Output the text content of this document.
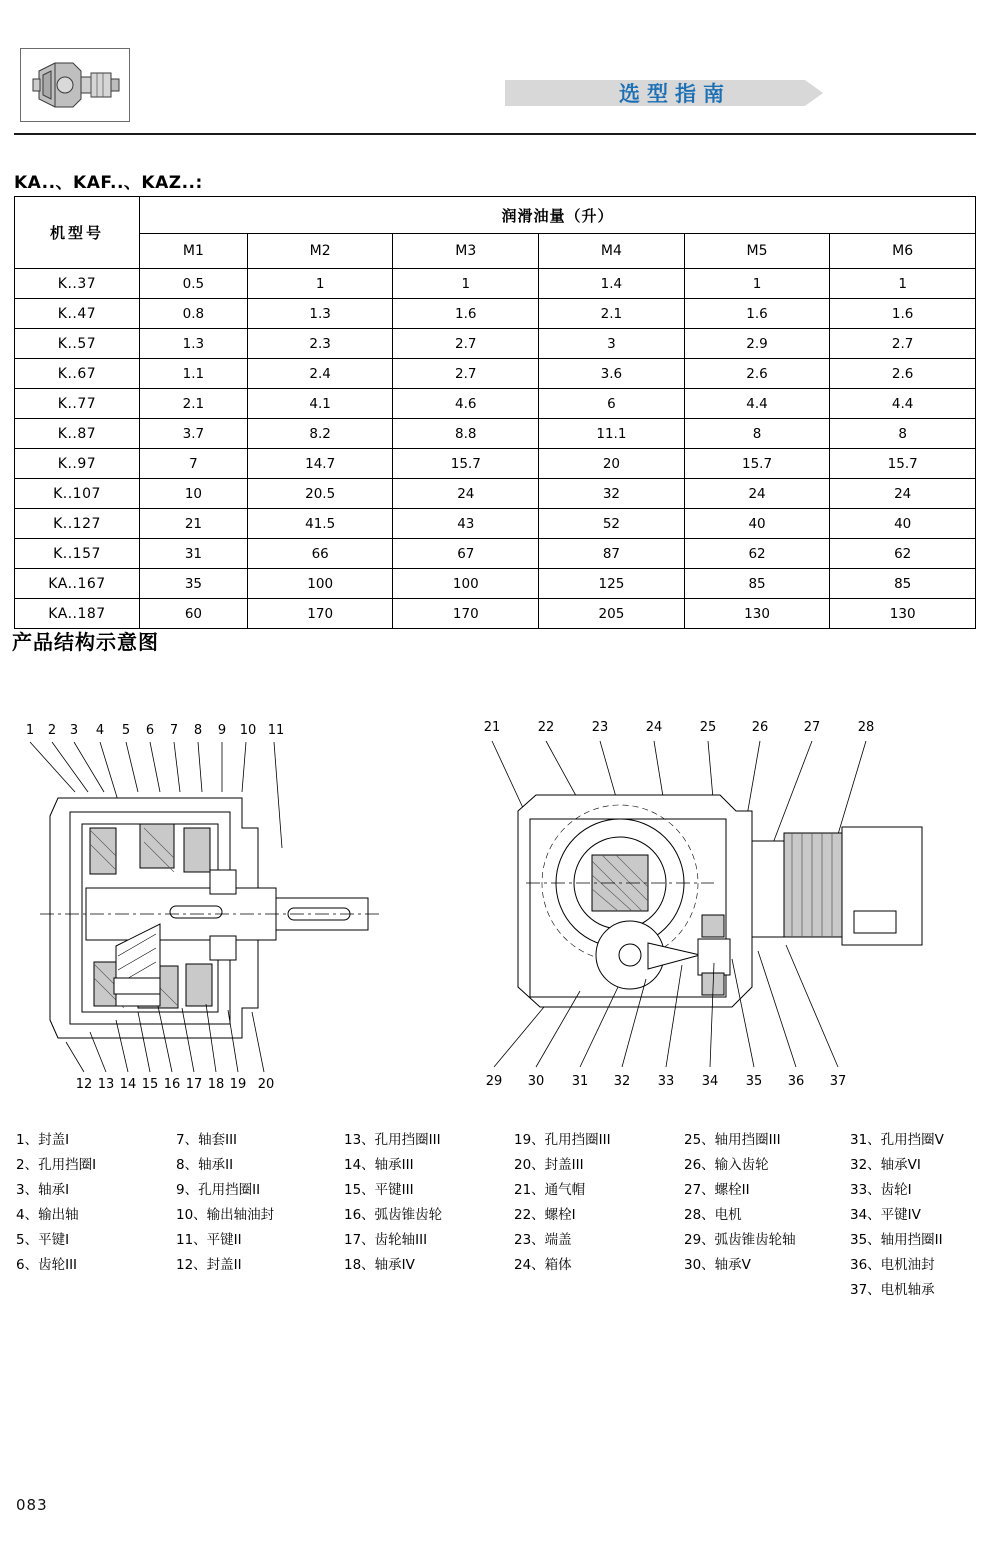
选型指南
KA..、KAF..、KAZ..:
机型号	润滑油量（升）					
	M1	M2	M3	M4	M5	M6
K..37	0.5	1	1	1.4	1	1
K..47	0.8	1.3	1.6	2.1	1.6	1.6
K..57	1.3	2.3	2.7	3	2.9	2.7
K..67	1.1	2.4	2.7	3.6	2.6	2.6
K..77	2.1	4.1	4.6	6	4.4	4.4
K..87	3.7	8.2	8.8	11.1	8	8
K..97	7	14.7	15.7	20	15.7	15.7
K..107	10	20.5	24	32	24	24
K..127	21	41.5	43	52	40	40
K..157	31	66	67	87	62	62
KA..167	35	100	100	125	85	85
KA..187	60	170	170	205	130	130
产品结构示意图
1 2 3 4 5 6 7 8 9 10 11
12 13 14 15 16 17 18 19 20
21	22	23	24	25	26	27	28
29 30 31 32 33 34 35 36 37
1、封盖I
2、孔用挡圈I
3、轴承I
4、输出轴
5、平键I
6、齿轮III
7、轴套III
8、轴承II
9、孔用挡圈II
10、输出轴油封
11、平键II
12、封盖II
13、孔用挡圈III
14、轴承III
15、平键III
16、弧齿锥齿轮
17、齿轮轴III
18、轴承IV
19、孔用挡圈III
20、封盖III
21、通气帽
22、螺栓I
23、端盖
24、箱体
25、轴用挡圈III
26、输入齿轮
27、螺栓II
28、电机
29、弧齿锥齿轮轴
30、轴承V
31、孔用挡圈V
32、轴承VI
33、齿轮I
34、平键IV
35、轴用挡圈II
36、电机油封
37、电机轴承
083
